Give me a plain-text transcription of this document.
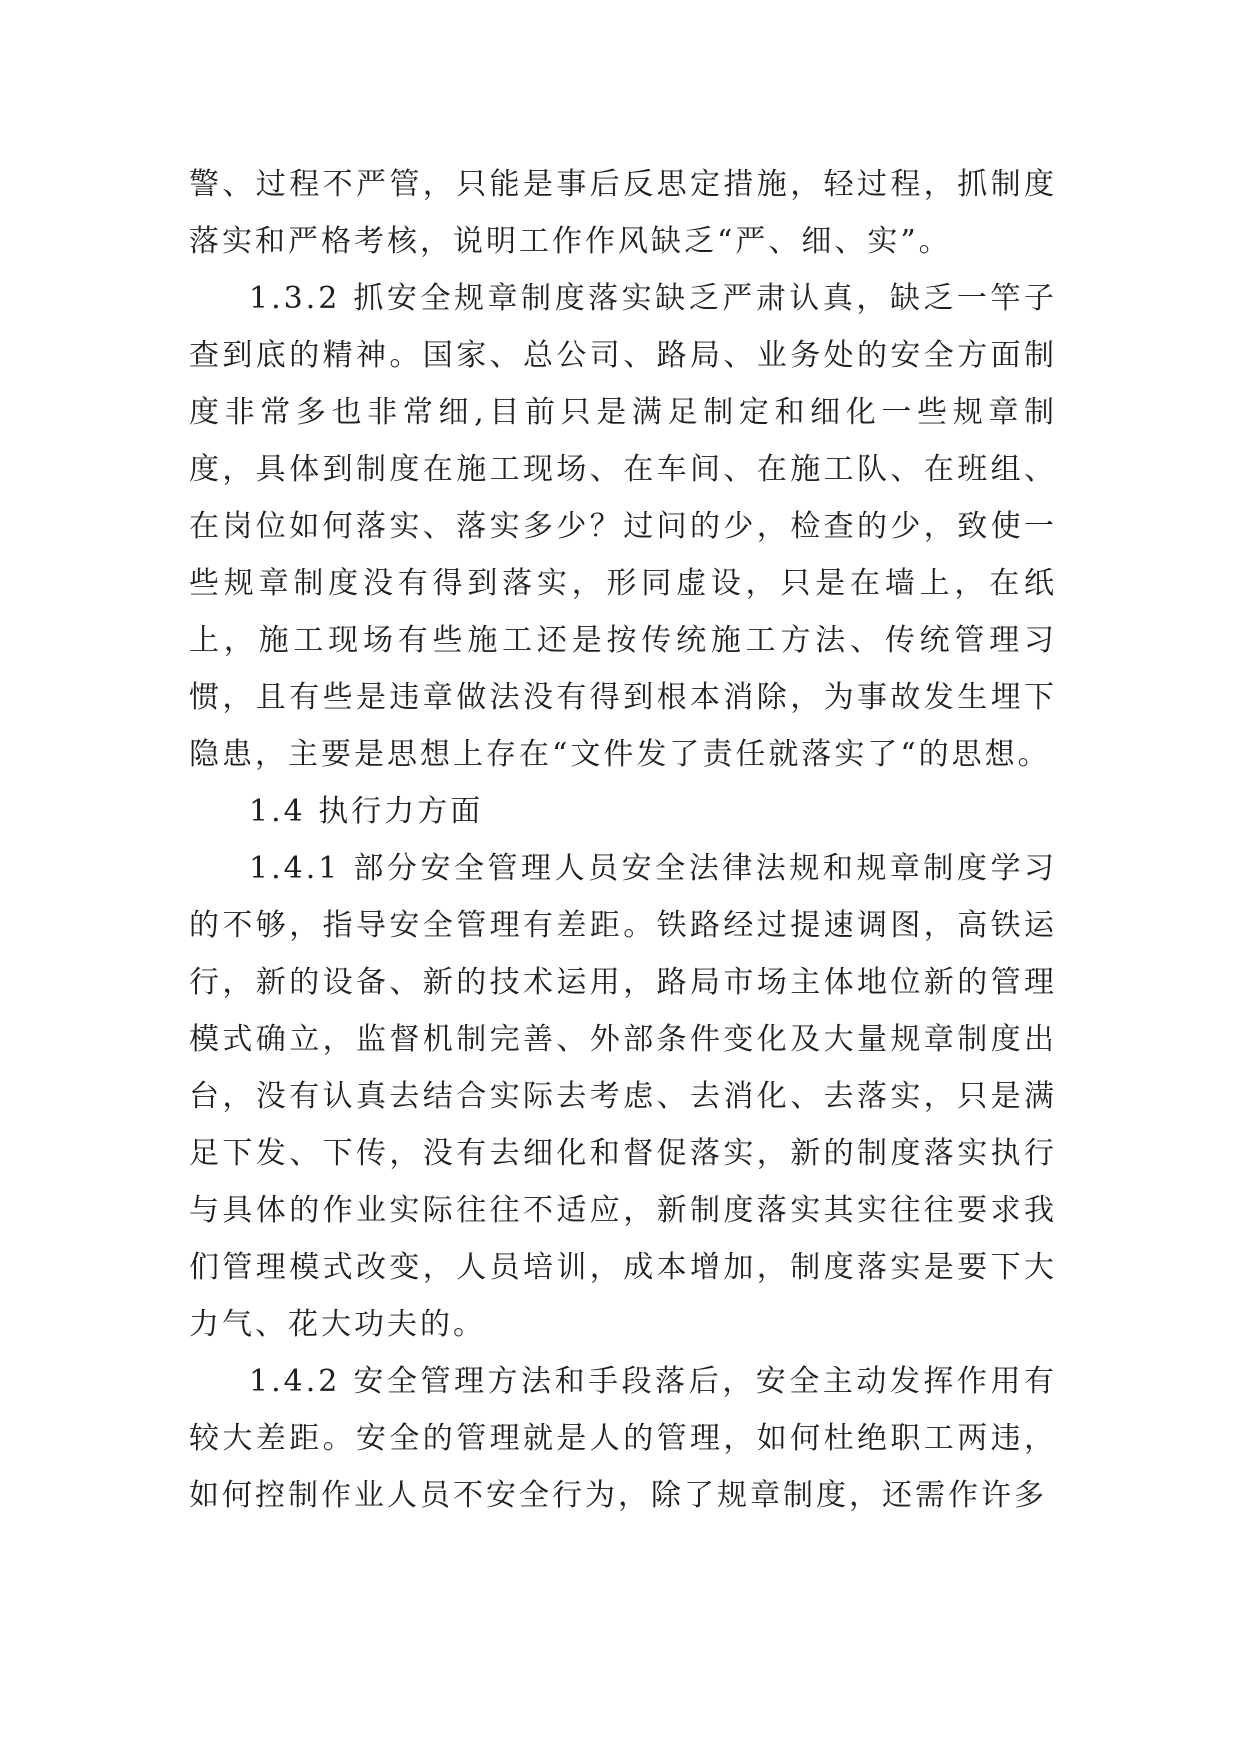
警、过程不严管，只能是事后反思定措施，轻过程，抓制度落实和严格考核，说明工作作风缺乏“严、细、实”。

1.3.2 抓安全规章制度落实缺乏严肃认真，缺乏一竿子查到底的精神。国家、总公司、路局、业务处的安全方面制度非常多也非常细,目前只是满足制定和细化一些规章制度，具体到制度在施工现场、在车间、在施工队、在班组、在岗位如何落实、落实多少？过问的少，检查的少，致使一些规章制度没有得到落实，形同虚设，只是在墙上，在纸上，施工现场有些施工还是按传统施工方法、传统管理习惯，且有些是违章做法没有得到根本消除，为事故发生埋下隐患，主要是思想上存在“文件发了责任就落实了“的思想。

1.4 执行力方面

1.4.1 部分安全管理人员安全法律法规和规章制度学习的不够，指导安全管理有差距。铁路经过提速调图，高铁运行，新的设备、新的技术运用，路局市场主体地位新的管理模式确立，监督机制完善、外部条件变化及大量规章制度出台，没有认真去结合实际去考虑、去消化、去落实，只是满足下发、下传，没有去细化和督促落实，新的制度落实执行与具体的作业实际往往不适应，新制度落实其实往往要求我们管理模式改变，人员培训，成本增加，制度落实是要下大力气、花大功夫的。

1.4.2 安全管理方法和手段落后，安全主动发挥作用有较大差距。安全的管理就是人的管理，如何杜绝职工两违，如何控制作业人员不安全行为，除了规章制度，还需作许多
